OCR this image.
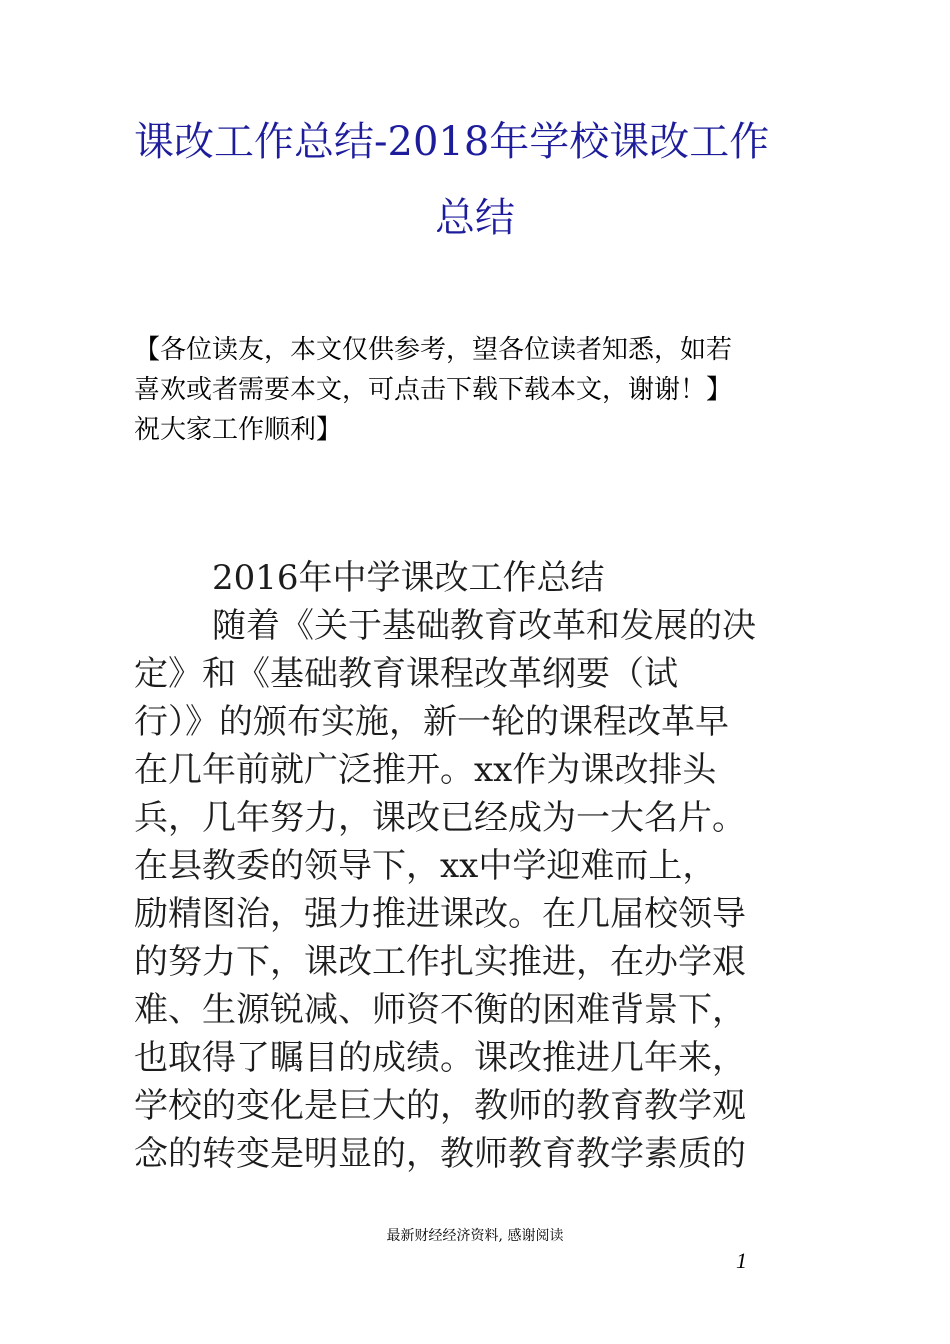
课改工作总结-2018年学校课改工作
总结
【各位读友，本文仅供参考，望各位读者知悉，如若
喜欢或者需要本文，可点击下载下载本文，谢谢！】
祝大家工作顺利】
2016年中学课改工作总结
随着《关于基础教育改革和发展的决
定》和《基础教育课程改革纲要（试
行）》的颁布实施，新一轮的课程改革早
在几年前就广泛推开。xx作为课改排头
兵，几年努力，课改已经成为一大名片。
在县教委的领导下，xx中学迎难而上，
励精图治，强力推进课改。在几届校领导
的努力下，课改工作扎实推进，在办学艰
难、生源锐减、师资不衡的困难背景下，
也取得了瞩目的成绩。课改推进几年来，
学校的变化是巨大的，教师的教育教学观
念的转变是明显的，教师教育教学素质的
最新财经经济资料, 感谢阅读
1
